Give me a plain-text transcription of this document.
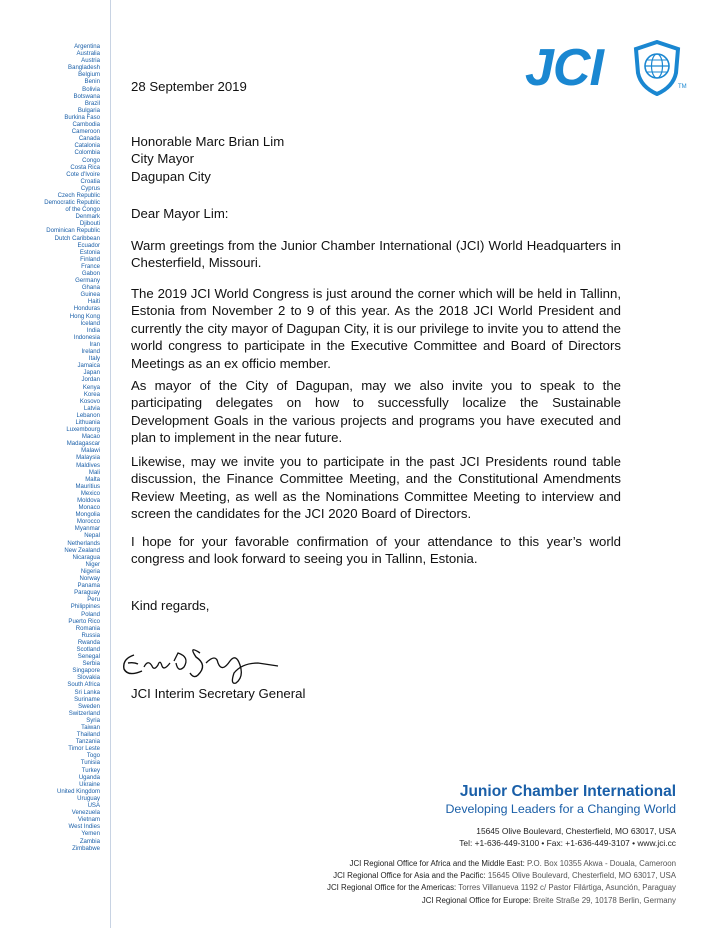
Argentina
Australia
Austria
Bangladesh
Belgium
Benin
Bolivia
Botswana
Brazil
Bulgaria
Burkina Faso
Cambodia
Cameroon
Canada
Catalonia
Colombia
Congo
Costa Rica
Cote d'Ivoire
Croatia
Cyprus
Czech Republic
Democratic Republic
of the Congo
Denmark
Djibouti
Dominican Republic
Dutch Caribbean
Ecuador
Estonia
Finland
France
Gabon
Germany
Ghana
Guinea
Haiti
Honduras
Hong Kong
Iceland
India
Indonesia
Iran
Ireland
Italy
Jamaica
Japan
Jordan
Kenya
Korea
Kosovo
Latvia
Lebanon
Lithuania
Luxembourg
Macao
Madagascar
Malawi
Malaysia
Maldives
Mali
Malta
Mauritius
Mexico
Moldova
Monaco
Mongolia
Morocco
Myanmar
Nepal
Netherlands
New Zealand
Nicaragua
Niger
Nigeria
Norway
Panama
Paraguay
Peru
Philippines
Poland
Puerto Rico
Romania
Russia
Rwanda
Scotland
Senegal
Serbia
Singapore
Slovakia
South Africa
Sri Lanka
Suriname
Sweden
Switzerland
Syria
Taiwan
Thailand
Tanzania
Timor Leste
Togo
Tunisia
Turkey
Uganda
Ukraine
United Kingdom
Uruguay
USA
Venezuela
Vietnam
West Indies
Yemen
Zambia
Zimbabwe
JCI	TM
28 September 2019

Honorable Marc Brian Lim

City Mayor

Dagupan City

Dear Mayor Lim:
Warm greetings from the Junior Chamber International (JCI) World Headquarters in Chesterfield, Missouri.
The 2019 JCI World Congress is just around the corner which will be held in Tallinn, Estonia from November 2 to 9 of this year. As the 2018 JCI World President and currently the city mayor of Dagupan City, it is our privilege to invite you to attend the world congress to participate in the Executive Committee and Board of Directors Meetings as an ex officio member.
As mayor of the City of Dagupan, may we also invite you to speak to the participating delegates on how to successfully localize the Sustainable Development Goals in the various projects and programs you have executed and plan to implement in the near future.
Likewise, may we invite you to participate in the past JCI Presidents round table discussion, the Finance Committee Meeting, and the Constitutional Amendments Review Meeting, as well as the Nominations Committee Meeting to interview and screen the candidates for the JCI 2020 Board of Directors.
I hope for your favorable confirmation of your attendance to this year’s world congress and look forward to seeing you in Tallinn, Estonia.
Kind regards,
JCI Interim Secretary General
Junior Chamber International
Developing Leaders for a Changing World
15645 Olive Boulevard, Chesterfield, MO 63017, USA
Tel: +1-636-449-3100 • Fax: +1-636-449-3107 • www.jci.cc
JCI Regional Office for Africa and the Middle East: P.O. Box 10355 Akwa - Douala, Cameroon
JCI Regional Office for Asia and the Pacific: 15645 Olive Boulevard, Chesterfield, MO 63017, USA
JCI Regional Office for the Americas: Torres Villanueva 1192 c/ Pastor Filártiga, Asunción, Paraguay
JCI Regional Office for Europe: Breite Straße 29, 10178 Berlin, Germany
